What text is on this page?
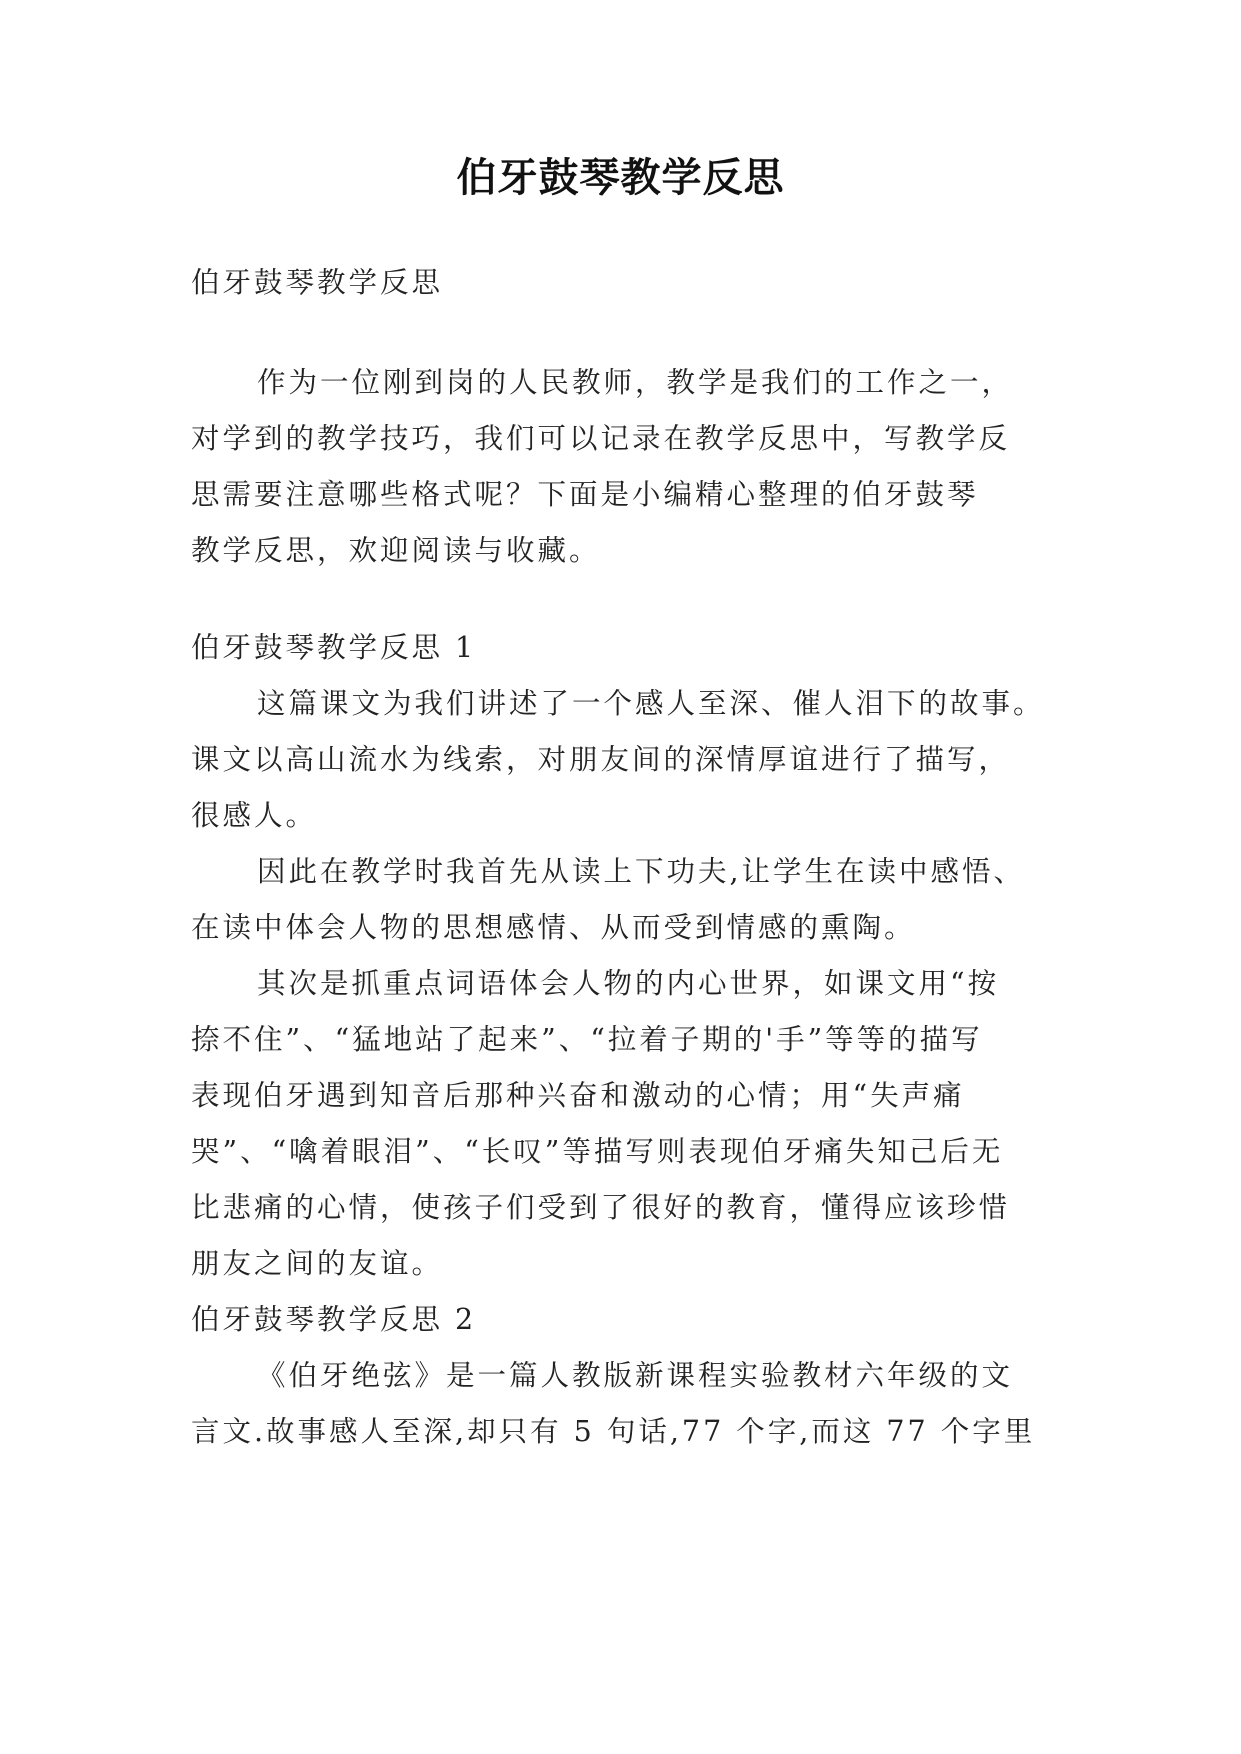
伯牙鼓琴教学反思
伯牙鼓琴教学反思
作为一位刚到岗的人民教师，教学是我们的工作之一，
对学到的教学技巧，我们可以记录在教学反思中，写教学反
思需要注意哪些格式呢？下面是小编精心整理的伯牙鼓琴
教学反思，欢迎阅读与收藏。
伯牙鼓琴教学反思 1
这篇课文为我们讲述了一个感人至深、催人泪下的故事。
课文以高山流水为线索，对朋友间的深情厚谊进行了描写，
很感人。
因此在教学时我首先从读上下功夫,让学生在读中感悟、
在读中体会人物的思想感情、从而受到情感的熏陶。
其次是抓重点词语体会人物的内心世界，如课文用“按
捺不住”、“猛地站了起来”、“拉着子期的'手”等等的描写
表现伯牙遇到知音后那种兴奋和激动的心情；用“失声痛
哭”、“噙着眼泪”、“长叹”等描写则表现伯牙痛失知己后无
比悲痛的心情，使孩子们受到了很好的教育，懂得应该珍惜
朋友之间的友谊。
伯牙鼓琴教学反思 2
《伯牙绝弦》是一篇人教版新课程实验教材六年级的文
言文.故事感人至深,却只有 5 句话,77 个字,而这 77 个字里
